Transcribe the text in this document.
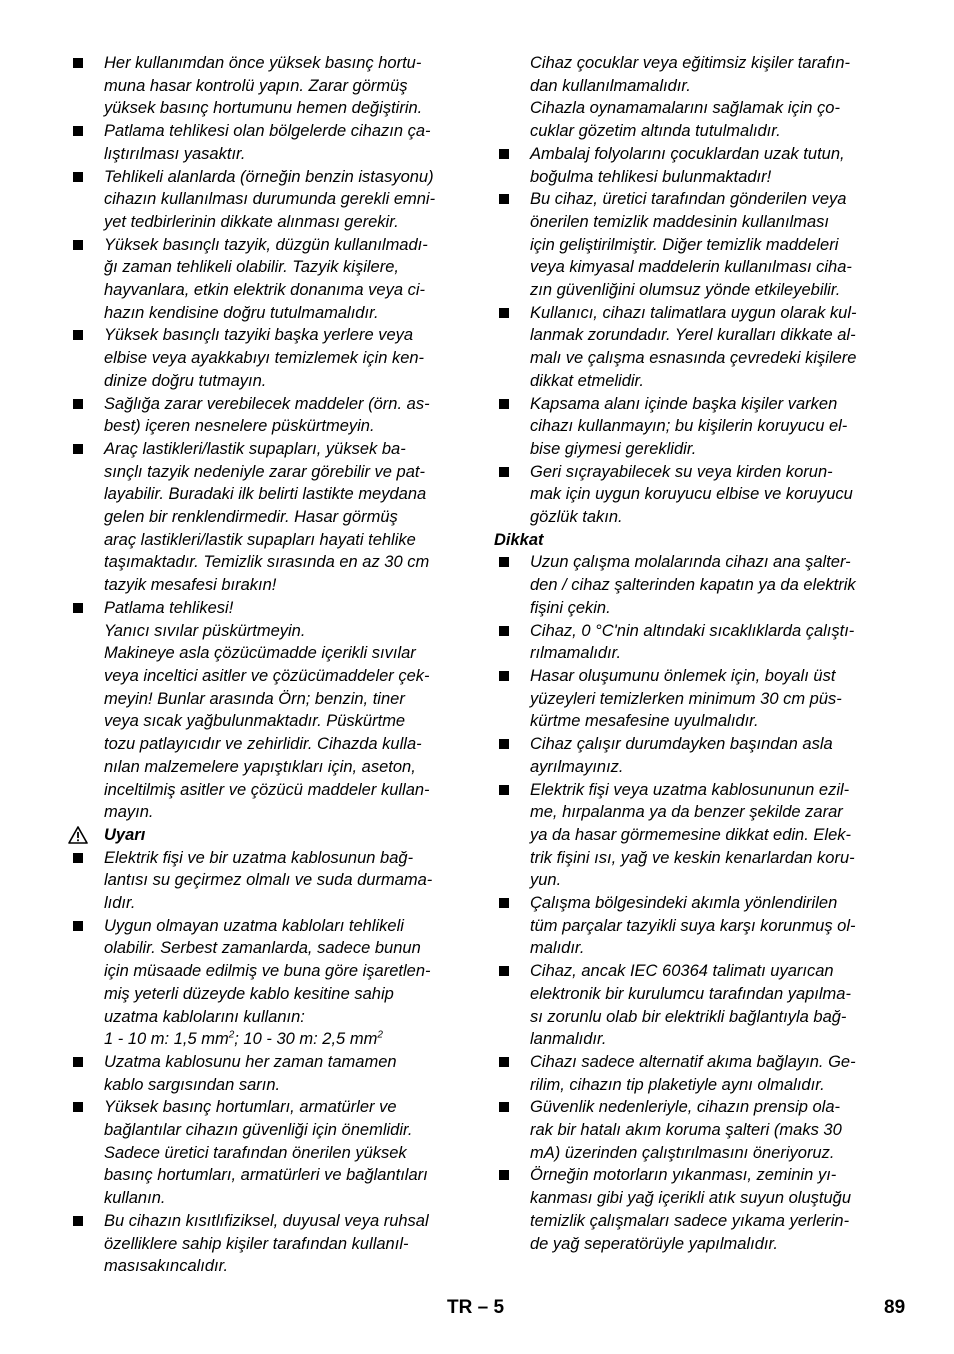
Her kullanımdan önce yüksek basınç hortu-

muna hasar kontrolü yapın. Zarar görmüş

yüksek basınç hortumunu hemen değiştirin.

Patlama tehlikesi olan bölgelerde cihazın ça-

lıştırılması yasaktır.

Tehlikeli alanlarda (örneğin benzin istasyonu)

cihazın kullanılması durumunda gerekli emni-

yet tedbirlerinin dikkate alınması gerekir.

Yüksek basınçlı tazyik, düzgün kullanılmadı-

ğı zaman tehlikeli olabilir. Tazyik kişilere,

hayvanlara, etkin elektrik donanıma veya ci-

hazın kendisine doğru tutulmamalıdır.

Yüksek basınçlı tazyiki başka yerlere veya

elbise veya ayakkabıyı temizlemek için ken-

dinize doğru tutmayın.

Sağlığa zarar verebilecek maddeler (örn. as-

best) içeren nesnelere püskürtmeyin.

Araç lastikleri/lastik supapları, yüksek ba-

sınçlı tazyik nedeniyle zarar görebilir ve pat-

layabilir. Buradaki ilk belirti lastikte meydana

gelen bir renklendirmedir. Hasar görmüş

araç lastikleri/lastik supapları hayati tehlike

taşımaktadır. Temizlik sırasında en az 30 cm

tazyik mesafesi bırakın!

Patlama tehlikesi!

Yanıcı sıvılar püskürtmeyin.

Makineye asla çözücümadde içerikli sıvılar

veya inceltici asitler ve çözücümaddeler çek-

meyin! Bunlar arasında Örn; benzin, tiner

veya sıcak yağbulunmaktadır. Püskürtme

tozu patlayıcıdır ve zehirlidir. Cihazda kulla-

nılan malzemelere yapıştıkları için, aseton,

inceltilmiş asitler ve çözücü maddeler kullan-

mayın.

Uyarı

Elektrik fişi ve bir uzatma kablosunun bağ-

lantısı su geçirmez olmalı ve suda durmama-

lıdır.

Uygun olmayan uzatma kabloları tehlikeli

olabilir. Serbest zamanlarda, sadece bunun

için müsaade edilmiş ve buna göre işaretlen-

miş yeterli düzeyde kablo kesitine sahip

uzatma kablolarını kullanın:

1 - 10 m: 1,5 $mm^2$; 10 - 30 m: 2,5 $mm^2$

Uzatma kablosunu her zaman tamamen

kablo sargısından sarın.

Yüksek basınç hortumları, armatürler ve

bağlantılar cihazın güvenliği için önemlidir.

Sadece üretici tarafından önerilen yüksek

basınç hortumları, armatürleri ve bağlantıları

kullanın.

Bu cihazın kısıtlıfiziksel, duyusal veya ruhsal

özelliklere sahip kişiler tarafından kullanıl-

masısakıncalıdır.

Cihaz çocuklar veya eğitimsiz kişiler tarafın-

dan kullanılmamalıdır.

Cihazla oynamamalarını sağlamak için ço-

cuklar gözetim altında tutulmalıdır.

Ambalaj folyolarını çocuklardan uzak tutun,

boğulma tehlikesi bulunmaktadır!

Bu cihaz, üretici tarafından gönderilen veya

önerilen temizlik maddesinin kullanılması

için geliştirilmiştir. Diğer temizlik maddeleri

veya kimyasal maddelerin kullanılması ciha-

zın güvenliğini olumsuz yönde etkileyebilir.

Kullanıcı, cihazı talimatlara uygun olarak kul-

lanmak zorundadır. Yerel kuralları dikkate al-

malı ve çalışma esnasında çevredeki kişilere

dikkat etmelidir.

Kapsama alanı içinde başka kişiler varken

cihazı kullanmayın; bu kişilerin koruyucu el-

bise giymesi gereklidir.

Geri sıçrayabilecek su veya kirden korun-

mak için uygun koruyucu elbise ve koruyucu

gözlük takın.

Dikkat

Uzun çalışma molalarında cihazı ana şalter-

den / cihaz şalterinden kapatın ya da elektrik

fişini çekin.

Cihaz, 0 °C'nin altındaki sıcaklıklarda çalıştı-

rılmamalıdır.

Hasar oluşumunu önlemek için, boyalı üst

yüzeyleri temizlerken minimum 30 cm püs-

kürtme mesafesine uyulmalıdır.

Cihaz çalışır durumdayken başından asla

ayrılmayınız.

Elektrik fişi veya uzatma kablosununun ezil-

me, hırpalanma ya da benzer şekilde zarar

ya da hasar görmemesine dikkat edin. Elek-

trik fişini ısı, yağ ve keskin kenarlardan koru-

yun.

Çalışma bölgesindeki akımla yönlendirilen

tüm parçalar tazyikli suya karşı korunmuş ol-

malıdır.

Cihaz, ancak IEC 60364 talimatı uyarıcan

elektronik bir kurulumcu tarafından yapılma-

sı zorunlu olab bir elektrikli bağlantıyla bağ-

lanmalıdır.

Cihazı sadece alternatif akıma bağlayın. Ge-

rilim, cihazın tip plaketiyle aynı olmalıdır.

Güvenlik nedenleriyle, cihazın prensip ola-

rak bir hatalı akım koruma şalteri (maks 30

mA) üzerinden çalıştırılmasını öneriyoruz.

Örneğin motorların yıkanması, zeminin yı-

kanması gibi yağ içerikli atık suyun oluştuğu

temizlik çalışmaları sadece yıkama yerlerin-

de yağ seperatörüyle yapılmalıdır.

TR – 5	89
